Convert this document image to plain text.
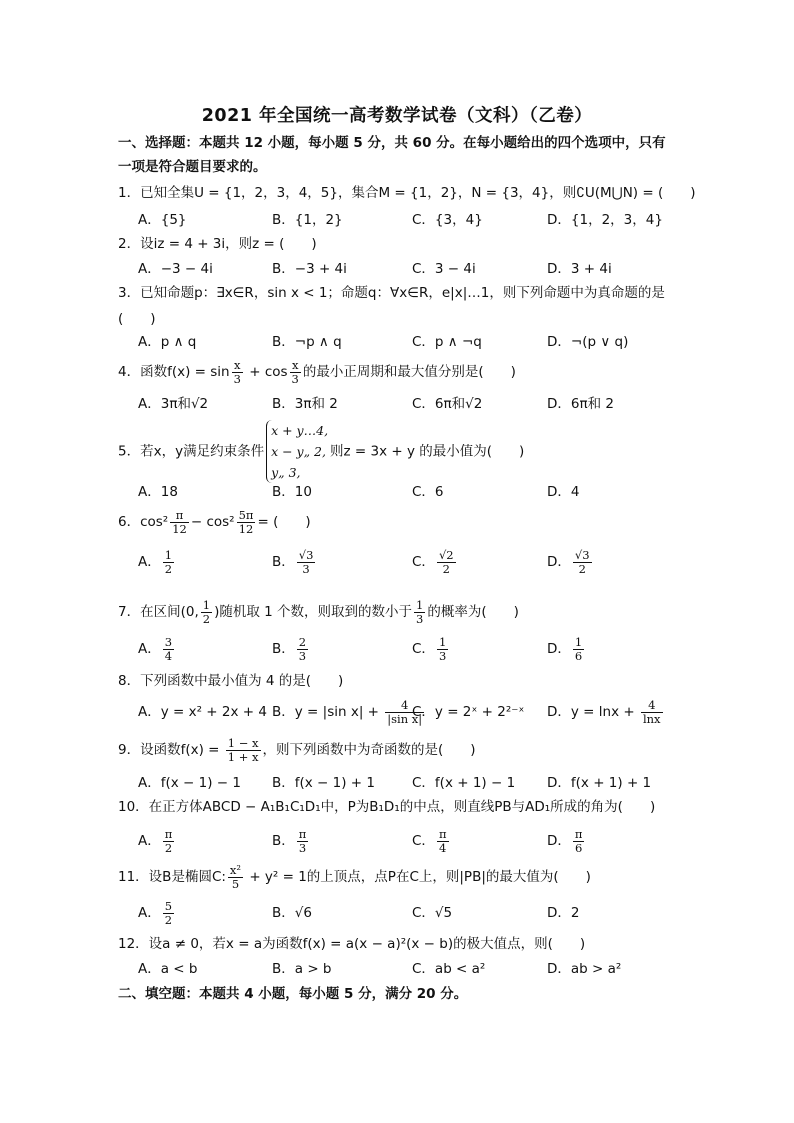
2021 年全国统一高考数学试卷（文科）（乙卷）
一、选择题：本题共 12 小题，每小题 5 分，共 60 分。在每小题给出的四个选项中，只有
一项是符合题目要求的。
1．已知全集U = {1，2，3，4，5}，集合M = {1，2}，N = {3，4}，则∁U(M⋃N) = (　　)
A．{5}	B．{1，2}	C．{3，4}	D．{1，2，3，4}
2．设iz = 4 + 3i，则z = (　　)
A．−3 − 4i	B．−3 + 4i	C．3 − 4i	D．3 + 4i
3．已知命题p：∃x∈R，sin x < 1；命题q：∀x∈R，e|x|…1，则下列命题中为真命题的是(　　)
A．p ∧ q	B．¬p ∧ q	C．p ∧ ¬q	D．¬(p ∨ q)
4．函数$f(x) = \sin \frac{x}{3} + \cos \frac{x}{3}$ 的最小正周期和最大值分别是(　　)
A．3π和√2	B．3π和 2	C．6π和√2	D．6π和 2
5．若x，y满足约束条件
x + y…4,
x − y„ 2,
y„ 3,
则z = 3x + y 的最小值为(　　)
A．18	B．10	C．6	D．4
6．$\cos^2 \frac{\pi}{12} - \cos^2 \frac{5\pi}{12}$ = (　　)
A． $\frac{1}{2}$	B． $\frac{√3}{3}$	C． $\frac{√2}{2}$	D． $\frac{√3}{2}$
7．在区间(0, $\frac{1}{2}$ )随机取 1 个数，则取到的数小于 $\frac{1}{3}$ 的概率为(　　)
A． $\frac{3}{4}$	B． $\frac{2}{3}$	C． $\frac{1}{3}$	D． $\frac{1}{6}$
8．下列函数中最小值为 4 的是(　　)
A．y = x² + 2x + 4 B．y = |sin $x| + \frac{4}{\text{|sin x|}}$
C．y = 2ˣ + 2²⁻ˣ D．$y = \ln x + \frac{4}{\ln x}$
9．设函数$f(x) = \frac{1 - x}{1 + x}$ ，则下列函数中为奇函数的是(　　)
A．f(x − 1) − 1 B．f(x − 1) + 1	C．f(x + 1) − 1 D．f(x + 1) + 1
10．在正方体ABCD − A₁B₁C₁D₁中，P为B₁D₁的中点，则直线PB与AD₁所成的角为(　　)
A． $\frac{\pi}{2}$	B． $\frac{\pi}{3}$	C． $\frac{\pi}{4}$	D． $\frac{\pi}{6}$
11．设B是椭圆C: $\frac{\text{x²}}{5} + y^2 = 1$的上顶点，点P在C上，则|PB|的最大值为(　　)
A． $\frac{5}{2}$	B．√6	C．√5	D．2
12．设a ≠ 0，若x = a为函数f(x) = a(x − a)²(x − b)的极大值点，则(　　)
A．a < b	B．a > b	C．ab < a²	D．ab > a²
二、填空题：本题共 4 小题，每小题 5 分，满分 20 分。
